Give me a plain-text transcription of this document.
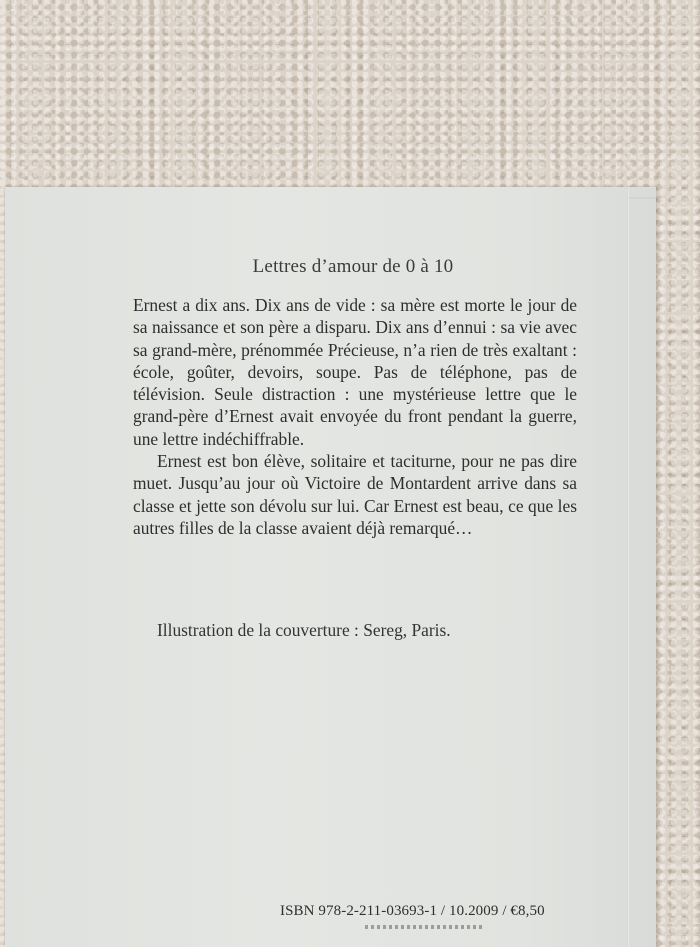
Lettres d’amour de 0 à 10

Ernest a dix ans. Dix ans de vide : sa mère est morte le jour de sa naissance et son père a disparu. Dix ans d’ennui : sa vie avec sa grand-mère, prénommée Précieuse, n’a rien de très exaltant : école, goûter, devoirs, soupe. Pas de téléphone, pas de télévision. Seule distraction : une mystérieuse lettre que le grand-père d’Ernest avait envoyée du front pendant la guerre, une lettre indéchiffrable.

Ernest est bon élève, solitaire et taciturne, pour ne pas dire muet. Jusqu’au jour où Victoire de Montardent arrive dans sa classe et jette son dévolu sur lui. Car Ernest est beau, ce que les autres filles de la classe avaient déjà remarqué…

Illustration de la couverture : Sereg, Paris.
ISBN 978-2-211-03693-1 / 10.2009 / €8,50
